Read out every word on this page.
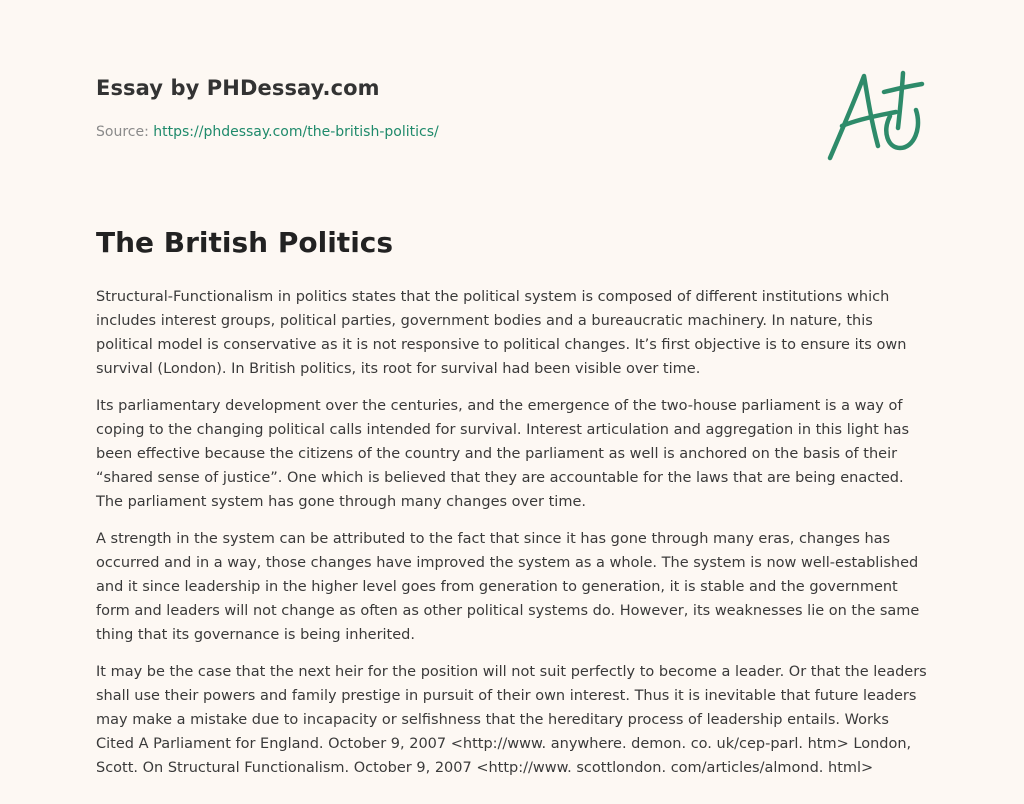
Essay by PHDessay.com
Source: https://phdessay.com/the-british-politics/
The British Politics

Structural-Functionalism in politics states that the political system is composed of different institutions which includes interest groups, political parties, government bodies and a bureaucratic machinery. In nature, this political model is conservative as it is not responsive to political changes. It’s first objective is to ensure its own survival (London). In British politics, its root for survival had been visible over time.

Its parliamentary development over the centuries, and the emergence of the two-house parliament is a way of coping to the changing political calls intended for survival. Interest articulation and aggregation in this light has been effective because the citizens of the country and the parliament as well is anchored on the basis of their “shared sense of justice”. One which is believed that they are accountable for the laws that are being enacted. The parliament system has gone through many changes over time.

A strength in the system can be attributed to the fact that since it has gone through many eras, changes has occurred and in a way, those changes have improved the system as a whole. The system is now well-established and it since leadership in the higher level goes from generation to generation, it is stable and the government form and leaders will not change as often as other political systems do. However, its weaknesses lie on the same thing that its governance is being inherited.

It may be the case that the next heir for the position will not suit perfectly to become a leader. Or that the leaders shall use their powers and family prestige in pursuit of their own interest. Thus it is inevitable that future leaders may make a mistake due to incapacity or selfishness that the hereditary process of leadership entails. Works Cited A Parliament for England. October 9, 2007 <http://www. anywhere. demon. co. uk/cep-parl. htm> London, Scott. On Structural Functionalism. October 9, 2007 <http://www. scottlondon. com/articles/almond. html>
